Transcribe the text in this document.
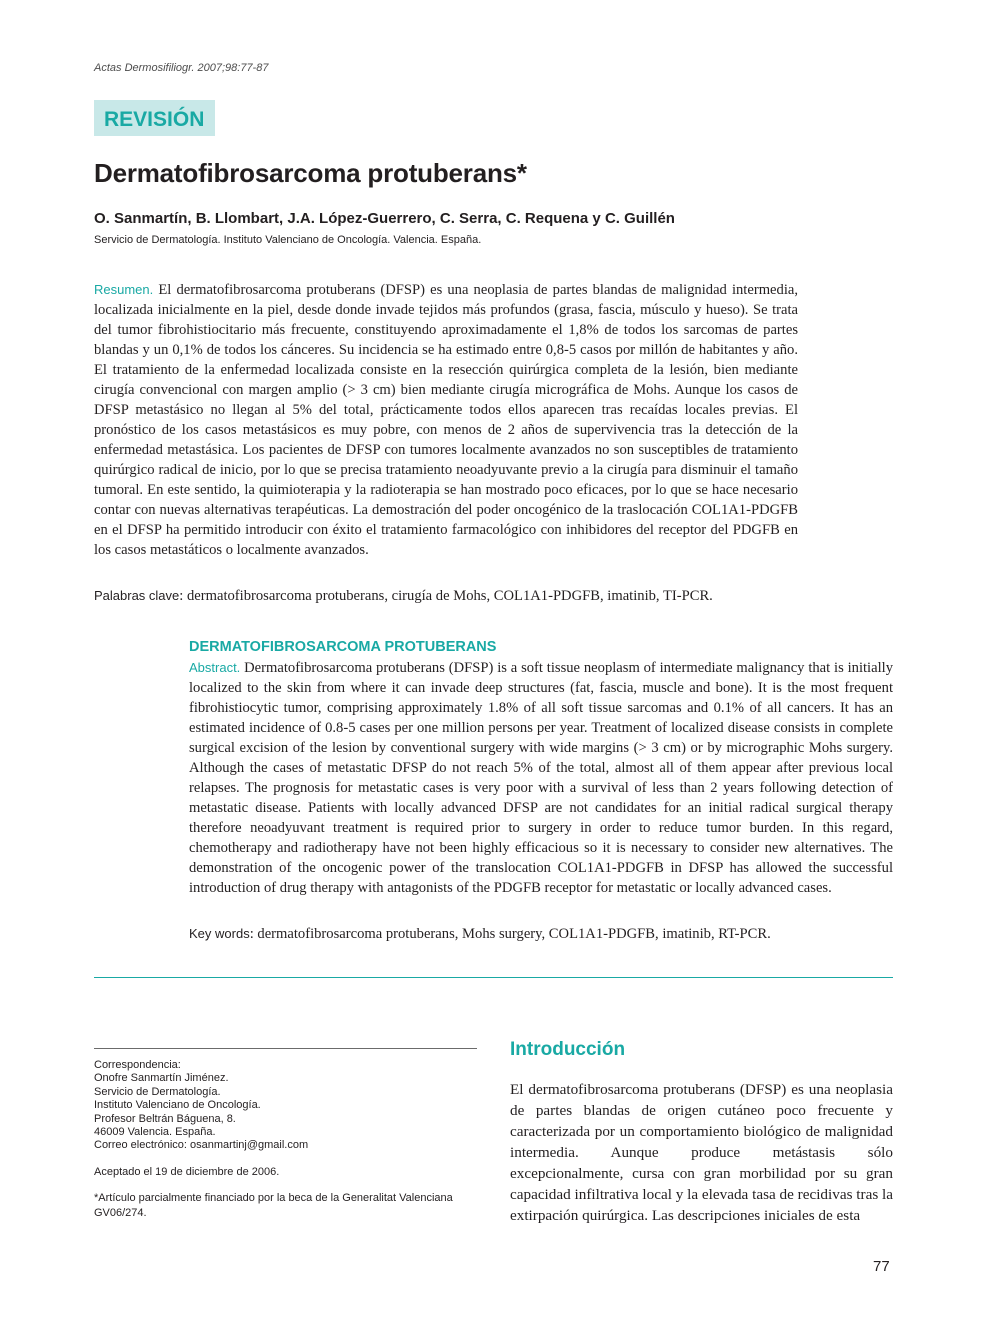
Actas Dermosifiliogr. 2007;98:77-87
REVISIÓN
Dermatofibrosarcoma protuberans*
O. Sanmartín, B. Llombart, J.A. López-Guerrero, C. Serra, C. Requena y C. Guillén
Servicio de Dermatología. Instituto Valenciano de Oncología. Valencia. España.
Resumen. El dermatofibrosarcoma protuberans (DFSP) es una neoplasia de partes blandas de malignidad intermedia, localizada inicialmente en la piel, desde donde invade tejidos más profundos (grasa, fascia, músculo y hueso). Se trata del tumor fibrohistiocitario más frecuente, constituyendo aproximadamente el 1,8% de todos los sarcomas de partes blandas y un 0,1% de todos los cánceres. Su incidencia se ha estimado entre 0,8-5 casos por millón de habitantes y año. El tratamiento de la enfermedad localizada consiste en la resección quirúrgica completa de la lesión, bien mediante cirugía convencional con margen amplio (> 3 cm) bien mediante cirugía micrográfica de Mohs. Aunque los casos de DFSP metastásico no llegan al 5% del total, prácticamente todos ellos aparecen tras recaídas locales previas. El pronóstico de los casos metastásicos es muy pobre, con menos de 2 años de supervivencia tras la detección de la enfermedad metastásica. Los pacientes de DFSP con tumores localmente avanzados no son susceptibles de tratamiento quirúrgico radical de inicio, por lo que se precisa tratamiento neoadyuvante previo a la cirugía para disminuir el tamaño tumoral. En este sentido, la quimioterapia y la radioterapia se han mostrado poco eficaces, por lo que se hace necesario contar con nuevas alternativas terapéuticas. La demostración del poder oncogénico de la traslocación COL1A1-PDGFB en el DFSP ha permitido introducir con éxito el tratamiento farmacológico con inhibidores del receptor del PDGFB en los casos metastáticos o localmente avanzados.
Palabras clave: dermatofibrosarcoma protuberans, cirugía de Mohs, COL1A1-PDGFB, imatinib, TI-PCR.
DERMATOFIBROSARCOMA PROTUBERANS
Abstract. Dermatofibrosarcoma protuberans (DFSP) is a soft tissue neoplasm of intermediate malignancy that is initially localized to the skin from where it can invade deep structures (fat, fascia, muscle and bone). It is the most frequent fibrohistiocytic tumor, comprising approximately 1.8% of all soft tissue sarcomas and 0.1% of all cancers. It has an estimated incidence of 0.8-5 cases per one million persons per year. Treatment of localized disease consists in complete surgical excision of the lesion by conventional surgery with wide margins (> 3 cm) or by micrographic Mohs surgery. Although the cases of metastatic DFSP do not reach 5% of the total, almost all of them appear after previous local relapses. The prognosis for metastatic cases is very poor with a survival of less than 2 years following detection of metastatic disease. Patients with locally advanced DFSP are not candidates for an initial radical surgical therapy therefore neoadyuvant treatment is required prior to surgery in order to reduce tumor burden. In this regard, chemotherapy and radiotherapy have not been highly efficacious so it is necessary to consider new alternatives. The demonstration of the oncogenic power of the translocation COL1A1-PDGFB in DFSP has allowed the successful introduction of drug therapy with antagonists of the PDGFB receptor for metastatic or locally advanced cases.
Key words: dermatofibrosarcoma protuberans, Mohs surgery, COL1A1-PDGFB, imatinib, RT-PCR.
Correspondencia:
Onofre Sanmartín Jiménez.
Servicio de Dermatología.
Instituto Valenciano de Oncología.
Profesor Beltrán Báguena, 8.
46009 Valencia. España.
Correo electrónico: osanmartinj@gmail.com
Aceptado el 19 de diciembre de 2006.
*Artículo parcialmente financiado por la beca de la Generalitat Valenciana GV06/274.
Introducción
El dermatofibrosarcoma protuberans (DFSP) es una neoplasia de partes blandas de origen cutáneo poco frecuente y caracterizada por un comportamiento biológico de malignidad intermedia. Aunque produce metástasis sólo excepcionalmente, cursa con gran morbilidad por su gran capacidad infiltrativa local y la elevada tasa de recidivas tras la extirpación quirúrgica. Las descripciones iniciales de esta
77
